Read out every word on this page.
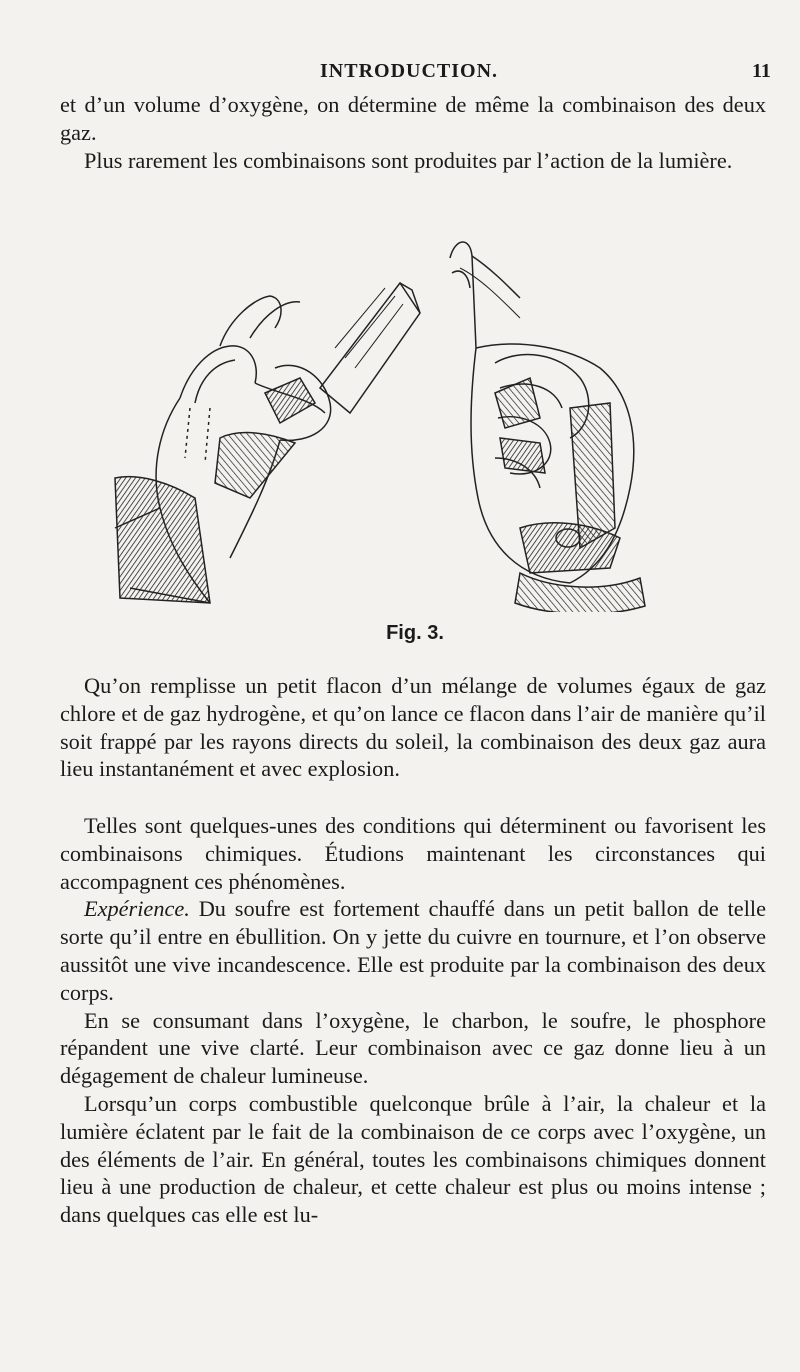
INTRODUCTION.	11

et d’un volume d’oxygène, on détermine de même la combinaison des deux gaz.

Plus rarement les combinaisons sont produites par l’action de la lumière.

Fig. 3.

Qu’on remplisse un petit flacon d’un mélange de volumes égaux de gaz chlore et de gaz hydrogène, et qu’on lance ce flacon dans l’air de manière qu’il soit frappé par les rayons directs du soleil, la combinaison des deux gaz aura lieu instantanément et avec explosion.

Telles sont quelques-unes des conditions qui déterminent ou favorisent les combinaisons chimiques. Étudions maintenant les circonstances qui accompagnent ces phénomènes.

Expérience. Du soufre est fortement chauffé dans un petit ballon de telle sorte qu’il entre en ébullition. On y jette du cuivre en tournure, et l’on observe aussitôt une vive incandescence. Elle est produite par la combinaison des deux corps.

En se consumant dans l’oxygène, le charbon, le soufre, le phosphore répandent une vive clarté. Leur combinaison avec ce gaz donne lieu à un dégagement de chaleur lumineuse.

Lorsqu’un corps combustible quelconque brûle à l’air, la chaleur et la lumière éclatent par le fait de la combinaison de ce corps avec l’oxygène, un des éléments de l’air. En général, toutes les combinaisons chimiques donnent lieu à une production de chaleur, et cette chaleur est plus ou moins intense ; dans quelques cas elle est lu-
